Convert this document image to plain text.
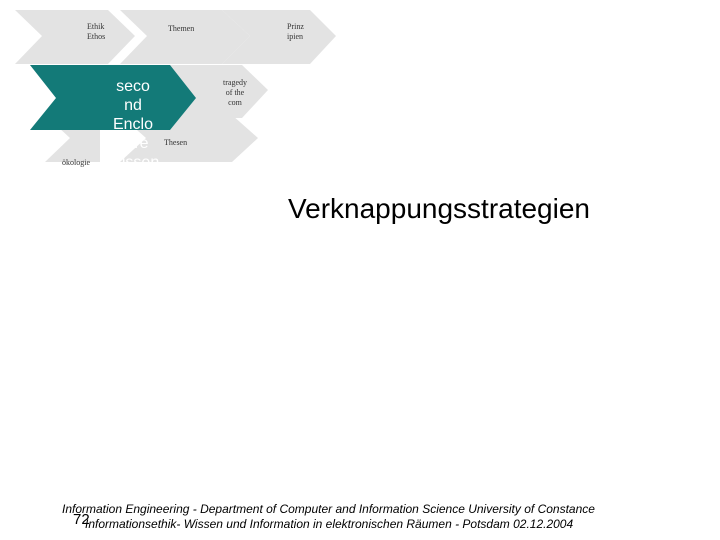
Ethik Ethos
Themen	Prinz ipien
tragedy of the com
Thesen
ökologie
seco
nd
Enclo
sure
Wissen
Verknappungsstrategien
Information Engineering - Department of Computer and Information Science University of Constance
72
Informationsethik- Wissen und Information in elektronischen Räumen - Potsdam 02.12.2004
